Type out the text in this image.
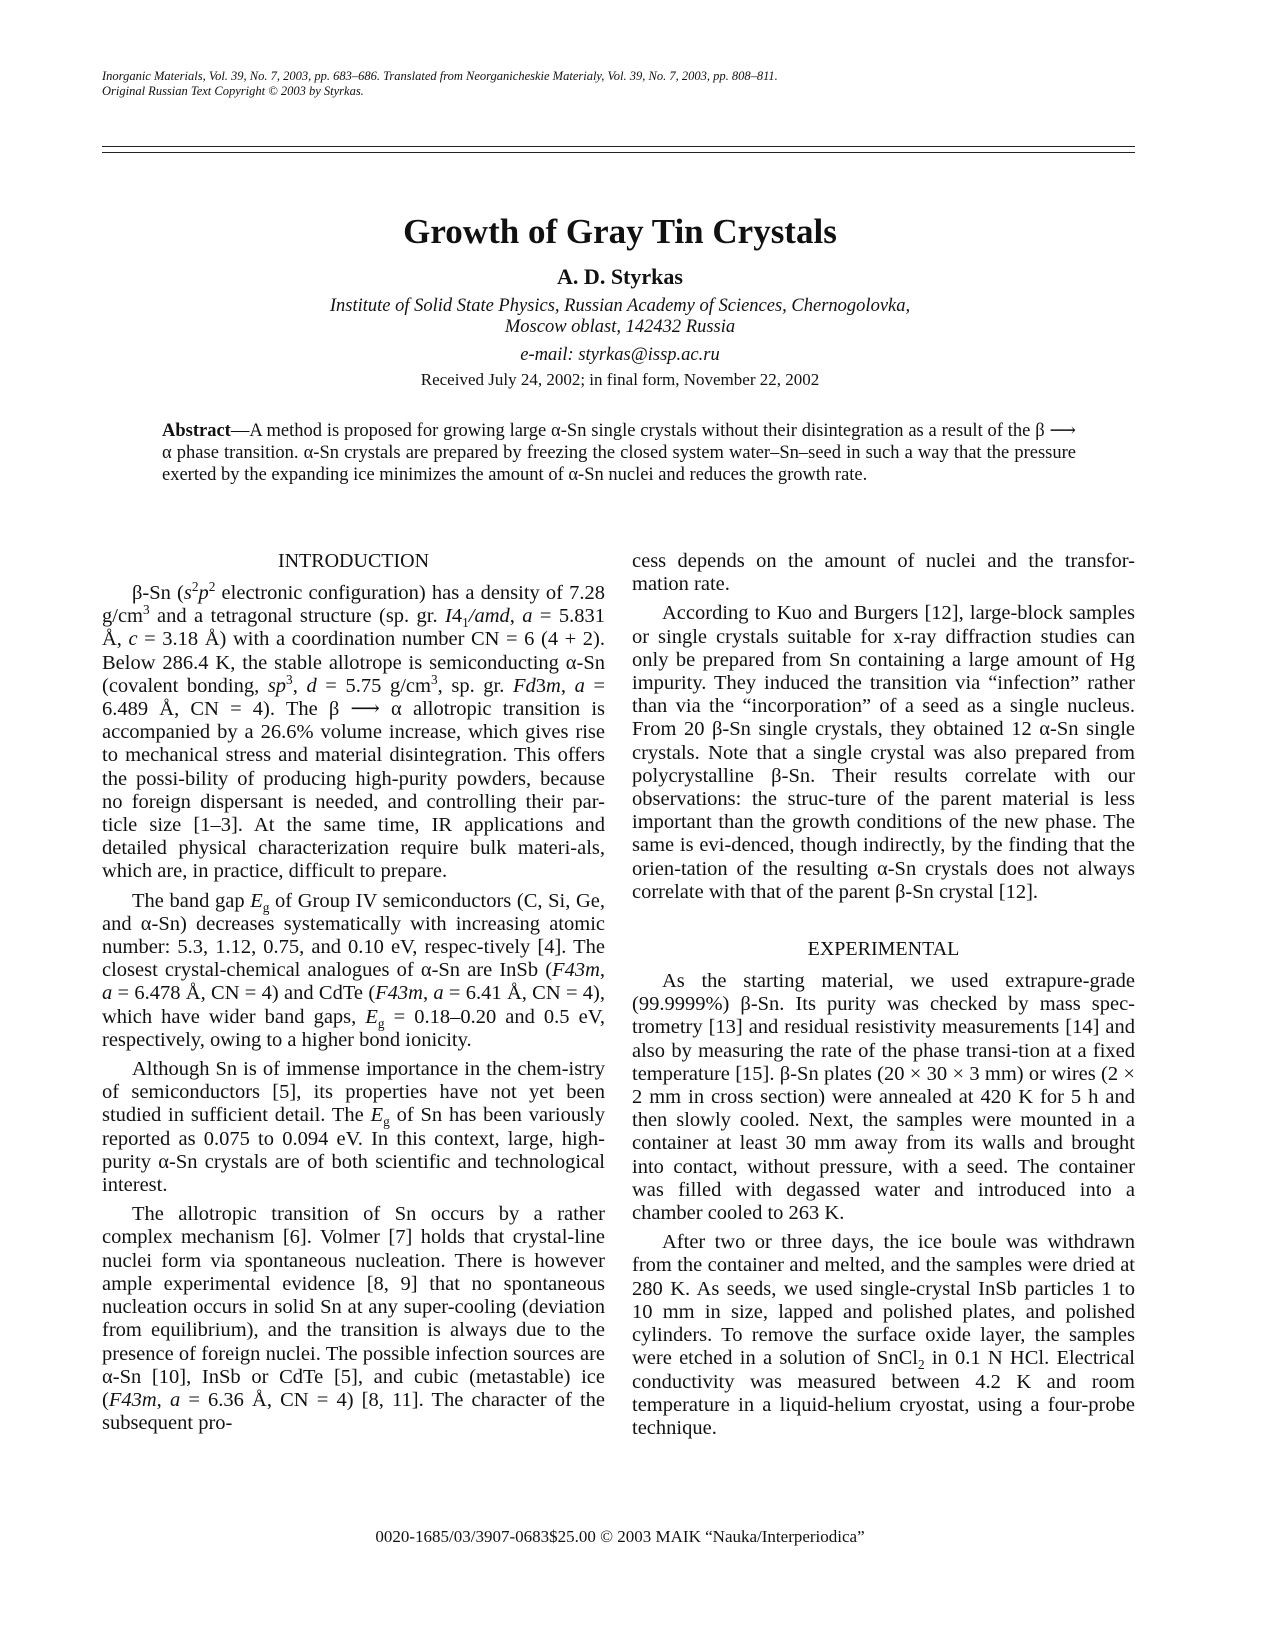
Inorganic Materials, Vol. 39, No. 7, 2003, pp. 683–686. Translated from Neorganicheskie Materialy, Vol. 39, No. 7, 2003, pp. 808–811.
Original Russian Text Copyright © 2003 by Styrkas.
Growth of Gray Tin Crystals
A. D. Styrkas
Institute of Solid State Physics, Russian Academy of Sciences, Chernogolovka,
Moscow oblast, 142432 Russia
e-mail: styrkas@issp.ac.ru
Received July 24, 2002; in final form, November 22, 2002
Abstract—A method is proposed for growing large α-Sn single crystals without their disintegration as a result of the β ⟶ α phase transition. α-Sn crystals are prepared by freezing the closed system water–Sn–seed in such a way that the pressure exerted by the expanding ice minimizes the amount of α-Sn nuclei and reduces the growth rate.
INTRODUCTION

β-Sn ($s^2p^2$ electronic configuration) has a density of 7.28 $g/cm^3$ and a tetragonal structure (sp. gr. $I4_1$/amd, a = 5.831 Å, c = 3.18 Å) with a coordination number CN = 6 (4 + 2). Below 286.4 K, the stable allotrope is semiconducting α-Sn (covalent bonding, $sp^3$, d = 5.75 $g/cm^3$, sp. gr. Fd3m, a = 6.489 Å, CN = 4). The β ⟶ α allotropic transition is accompanied by a 26.6% volume increase, which gives rise to mechanical stress and material disintegration. This offers the possi-bility of producing high-purity powders, because no foreign dispersant is needed, and controlling their par-ticle size [1–3]. At the same time, IR applications and detailed physical characterization require bulk materi-als, which are, in practice, difficult to prepare.

The band gap $E_g$ of Group IV semiconductors (C, Si, Ge, and α-Sn) decreases systematically with increasing atomic number: 5.3, 1.12, 0.75, and 0.10 eV, respec-tively [4]. The closest crystal-chemical analogues of α-Sn are InSb (F43m, a = 6.478 Å, CN = 4) and CdTe (F43m, a = 6.41 Å, CN = 4), which have wider band gaps, $E_g = 0.18-0.20$ and 0.5 eV, respectively, owing to a higher bond ionicity.

Although Sn is of immense importance in the chem-istry of semiconductors [5], its properties have not yet been studied in sufficient detail. The $E_g$ of Sn has been variously reported as 0.075 to 0.094 eV. In this context, large, high-purity α-Sn crystals are of both scientific and technological interest.

The allotropic transition of Sn occurs by a rather complex mechanism [6]. Volmer [7] holds that crystal-line nuclei form via spontaneous nucleation. There is however ample experimental evidence [8, 9] that no spontaneous nucleation occurs in solid Sn at any super-cooling (deviation from equilibrium), and the transition is always due to the presence of foreign nuclei. The possible infection sources are α-Sn [10], InSb or CdTe [5], and cubic (metastable) ice (F43m, a = 6.36 Å, CN = 4) [8, 11]. The character of the subsequent pro-

cess depends on the amount of nuclei and the transfor-mation rate.

According to Kuo and Burgers [12], large-block samples or single crystals suitable for x-ray diffraction studies can only be prepared from Sn containing a large amount of Hg impurity. They induced the transition via “infection” rather than via the “incorporation” of a seed as a single nucleus. From 20 β-Sn single crystals, they obtained 12 α-Sn single crystals. Note that a single crystal was also prepared from polycrystalline β-Sn. Their results correlate with our observations: the struc-ture of the parent material is less important than the growth conditions of the new phase. The same is evi-denced, though indirectly, by the finding that the orien-tation of the resulting α-Sn crystals does not always correlate with that of the parent β-Sn crystal [12].

EXPERIMENTAL

As the starting material, we used extrapure-grade (99.9999%) β-Sn. Its purity was checked by mass spec-trometry [13] and residual resistivity measurements [14] and also by measuring the rate of the phase transi-tion at a fixed temperature [15]. β-Sn plates (20 × 30 × 3 mm) or wires (2 × 2 mm in cross section) were annealed at 420 K for 5 h and then slowly cooled. Next, the samples were mounted in a container at least 30 mm away from its walls and brought into contact, without pressure, with a seed. The container was filled with degassed water and introduced into a chamber cooled to 263 K.

After two or three days, the ice boule was withdrawn from the container and melted, and the samples were dried at 280 K. As seeds, we used single-crystal InSb particles 1 to 10 mm in size, lapped and polished plates, and polished cylinders. To remove the surface oxide layer, the samples were etched in a solution of SnCl$_2$ in 0.1 N HCl. Electrical conductivity was measured between 4.2 K and room temperature in a liquid-helium cryostat, using a four-probe technique.

0020-1685/03/3907-0683$25.00 © 2003 MAIK “Nauka/Interperiodica”
